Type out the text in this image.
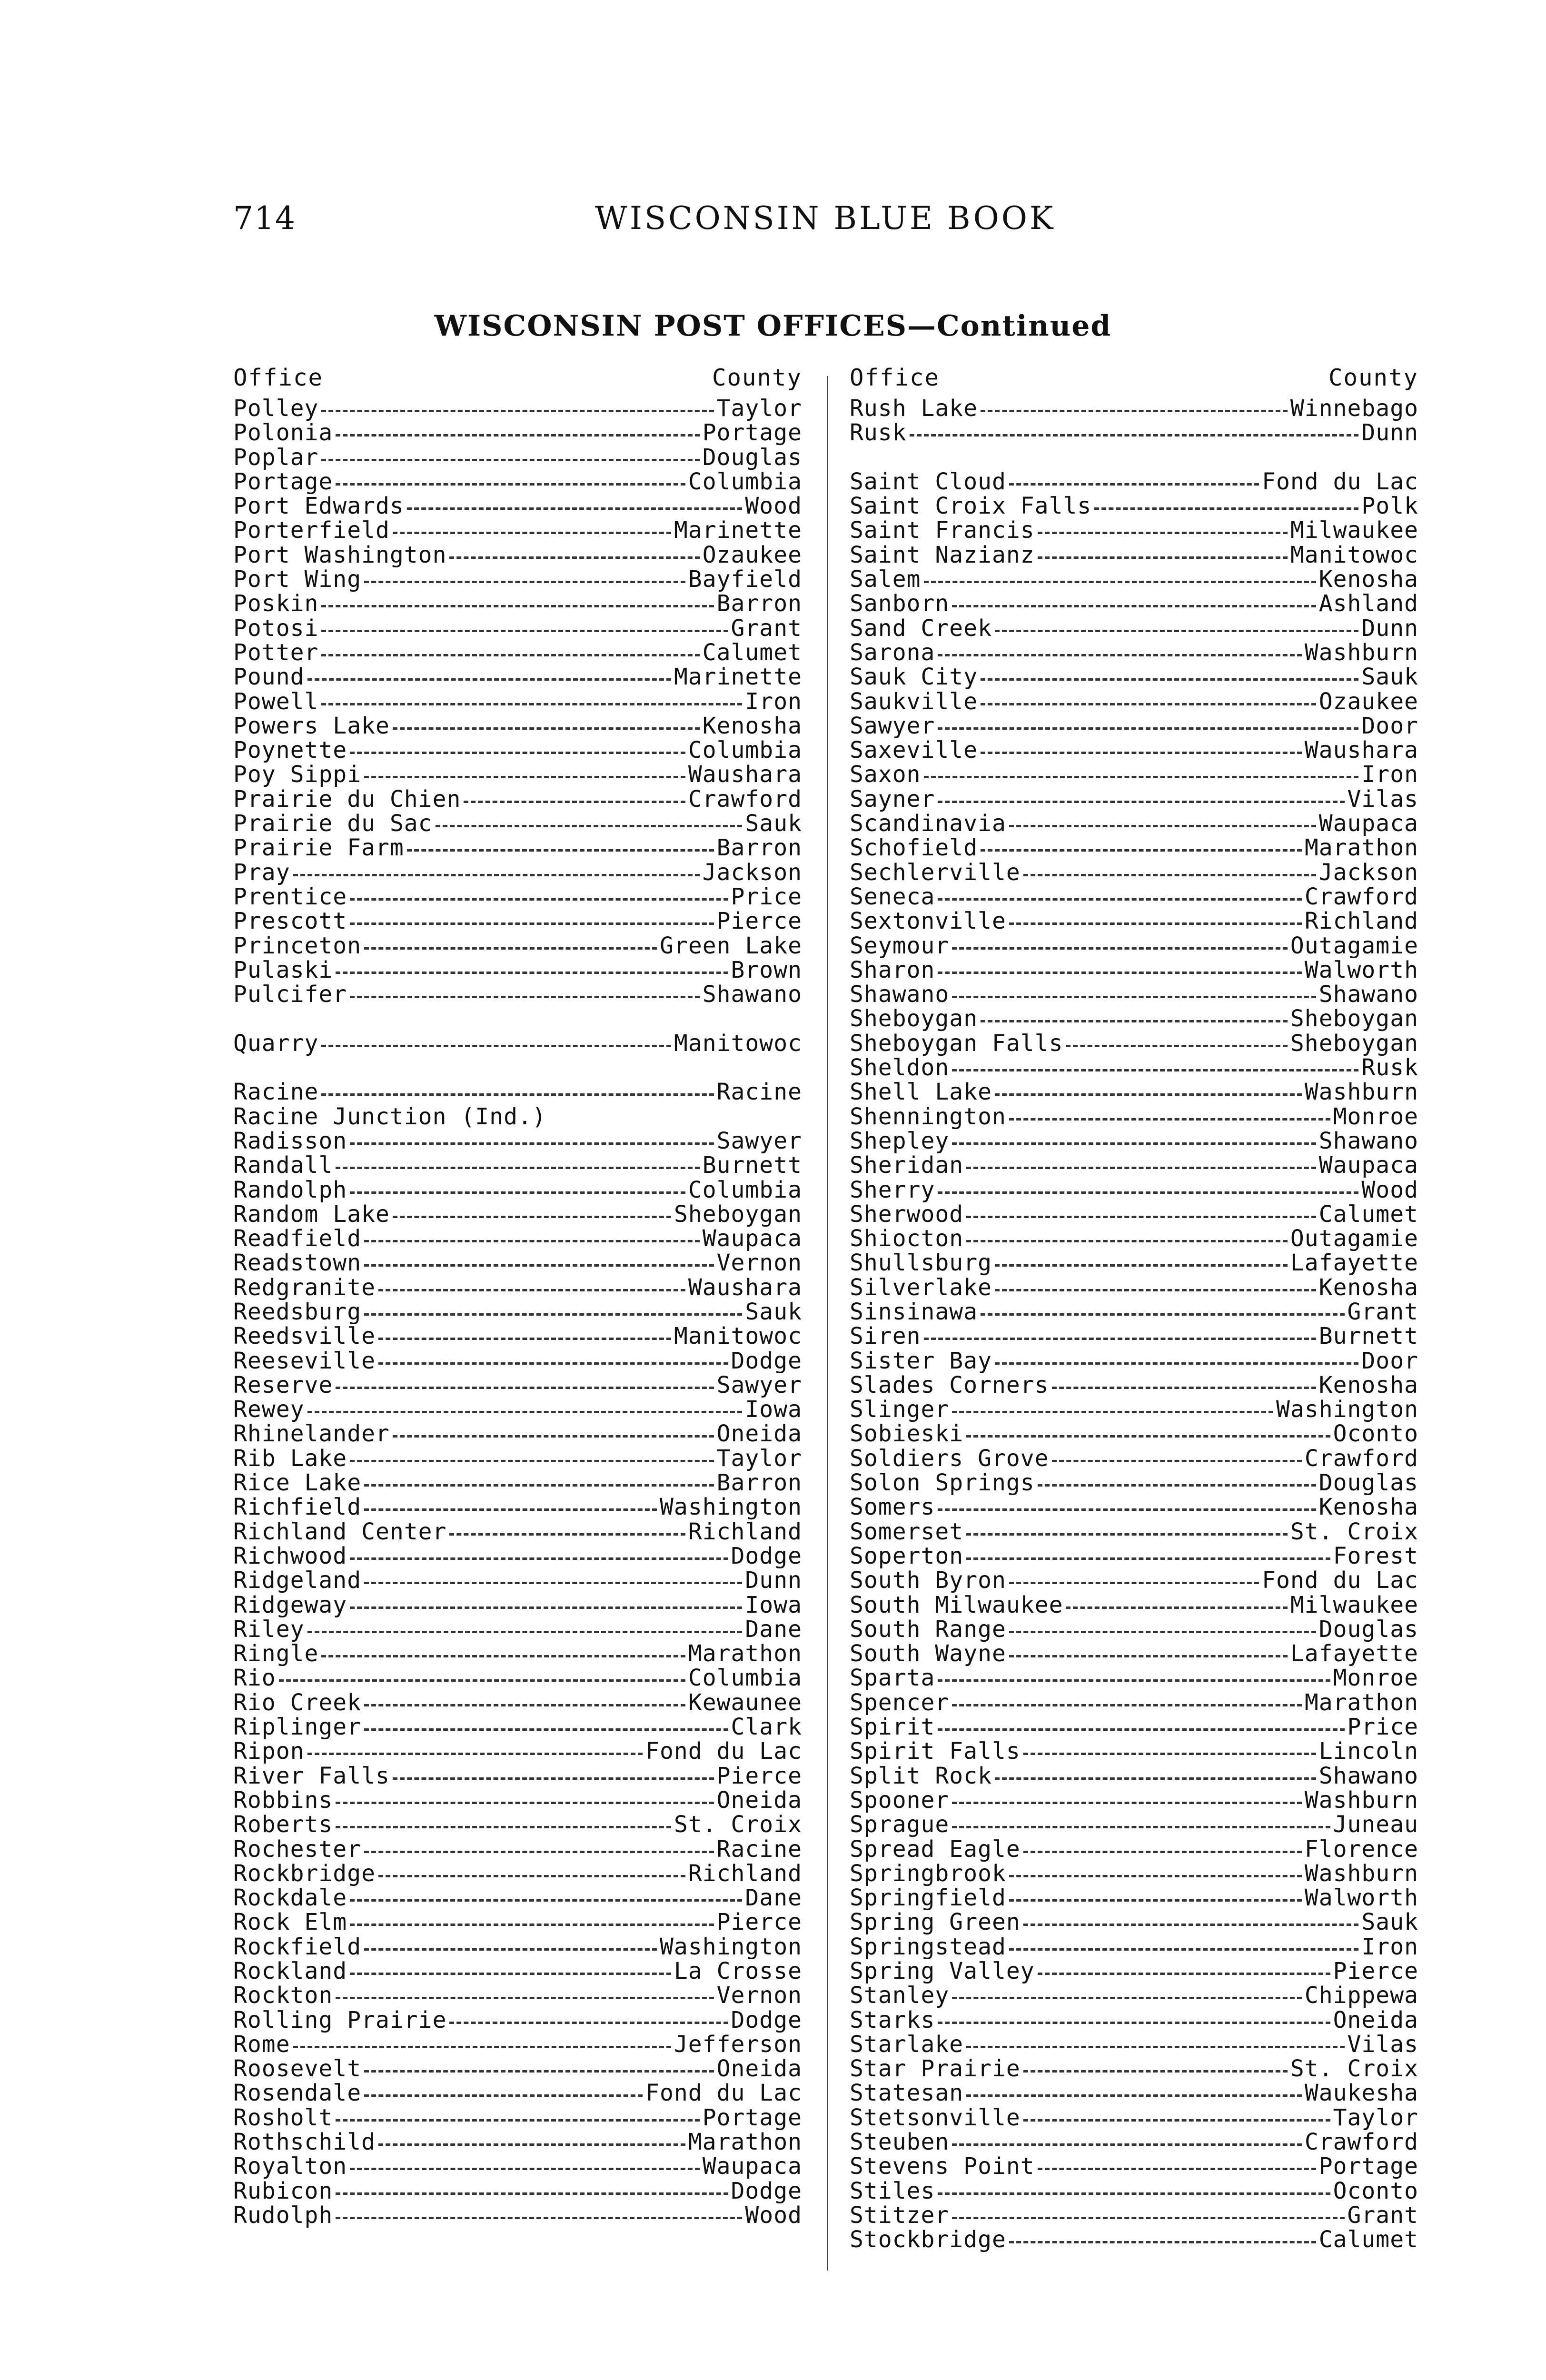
714	WISCONSIN BLUE BOOK
WISCONSIN POST OFFICES—Continued
Office	County
Polley	Taylor
Polonia	Portage
Poplar	Douglas
Portage	Columbia
Port Edwards	Wood
Porterfield	Marinette
Port Washington	Ozaukee
Port Wing	Bayfield
Poskin	Barron
Potosi	Grant
Potter	Calumet
Pound	Marinette
Powell	Iron
Powers Lake	Kenosha
Poynette	Columbia
Poy Sippi	Waushara
Prairie du Chien	Crawford
Prairie du Sac	Sauk
Prairie Farm	Barron
Pray	Jackson
Prentice	Price
Prescott	Pierce
Princeton	Green Lake
Pulaski	Brown
Pulcifer	Shawano
Quarry	Manitowoc
Racine	Racine
Racine Junction (Ind.)
Radisson	Sawyer
Randall	Burnett
Randolph	Columbia
Random Lake	Sheboygan
Readfield	Waupaca
Readstown	Vernon
Redgranite	Waushara
Reedsburg	Sauk
Reedsville	Manitowoc
Reeseville	Dodge
Reserve	Sawyer
Rewey	Iowa
Rhinelander	Oneida
Rib Lake	Taylor
Rice Lake	Barron
Richfield	Washington
Richland Center	Richland
Richwood	Dodge
Ridgeland	Dunn
Ridgeway	Iowa
Riley	Dane
Ringle	Marathon
Rio	Columbia
Rio Creek	Kewaunee
Riplinger	Clark
Ripon	Fond du Lac
River Falls	Pierce
Robbins	Oneida
Roberts	St. Croix
Rochester	Racine
Rockbridge	Richland
Rockdale	Dane
Rock Elm	Pierce
Rockfield	Washington
Rockland	La Crosse
Rockton	Vernon
Rolling Prairie	Dodge
Rome	Jefferson
Roosevelt	Oneida
Rosendale	Fond du Lac
Rosholt	Portage
Rothschild	Marathon
Royalton	Waupaca
Rubicon	Dodge
Rudolph	Wood
Office	County
Rush Lake	Winnebago
Rusk	Dunn
Saint Cloud	Fond du Lac
Saint Croix Falls	Polk
Saint Francis	Milwaukee
Saint Nazianz	Manitowoc
Salem	Kenosha
Sanborn	Ashland
Sand Creek	Dunn
Sarona	Washburn
Sauk City	Sauk
Saukville	Ozaukee
Sawyer	Door
Saxeville	Waushara
Saxon	Iron
Sayner	Vilas
Scandinavia	Waupaca
Schofield	Marathon
Sechlerville	Jackson
Seneca	Crawford
Sextonville	Richland
Seymour	Outagamie
Sharon	Walworth
Shawano	Shawano
Sheboygan	Sheboygan
Sheboygan Falls	Sheboygan
Sheldon	Rusk
Shell Lake	Washburn
Shennington	Monroe
Shepley	Shawano
Sheridan	Waupaca
Sherry	Wood
Sherwood	Calumet
Shiocton	Outagamie
Shullsburg	Lafayette
Silverlake	Kenosha
Sinsinawa	Grant
Siren	Burnett
Sister Bay	Door
Slades Corners	Kenosha
Slinger	Washington
Sobieski	Oconto
Soldiers Grove	Crawford
Solon Springs	Douglas
Somers	Kenosha
Somerset	St. Croix
Soperton	Forest
South Byron	Fond du Lac
South Milwaukee	Milwaukee
South Range	Douglas
South Wayne	Lafayette
Sparta	Monroe
Spencer	Marathon
Spirit	Price
Spirit Falls	Lincoln
Split Rock	Shawano
Spooner	Washburn
Sprague	Juneau
Spread Eagle	Florence
Springbrook	Washburn
Springfield	Walworth
Spring Green	Sauk
Springstead	Iron
Spring Valley	Pierce
Stanley	Chippewa
Starks	Oneida
Starlake	Vilas
Star Prairie	St. Croix
Statesan	Waukesha
Stetsonville	Taylor
Steuben	Crawford
Stevens Point	Portage
Stiles	Oconto
Stitzer	Grant
Stockbridge	Calumet
